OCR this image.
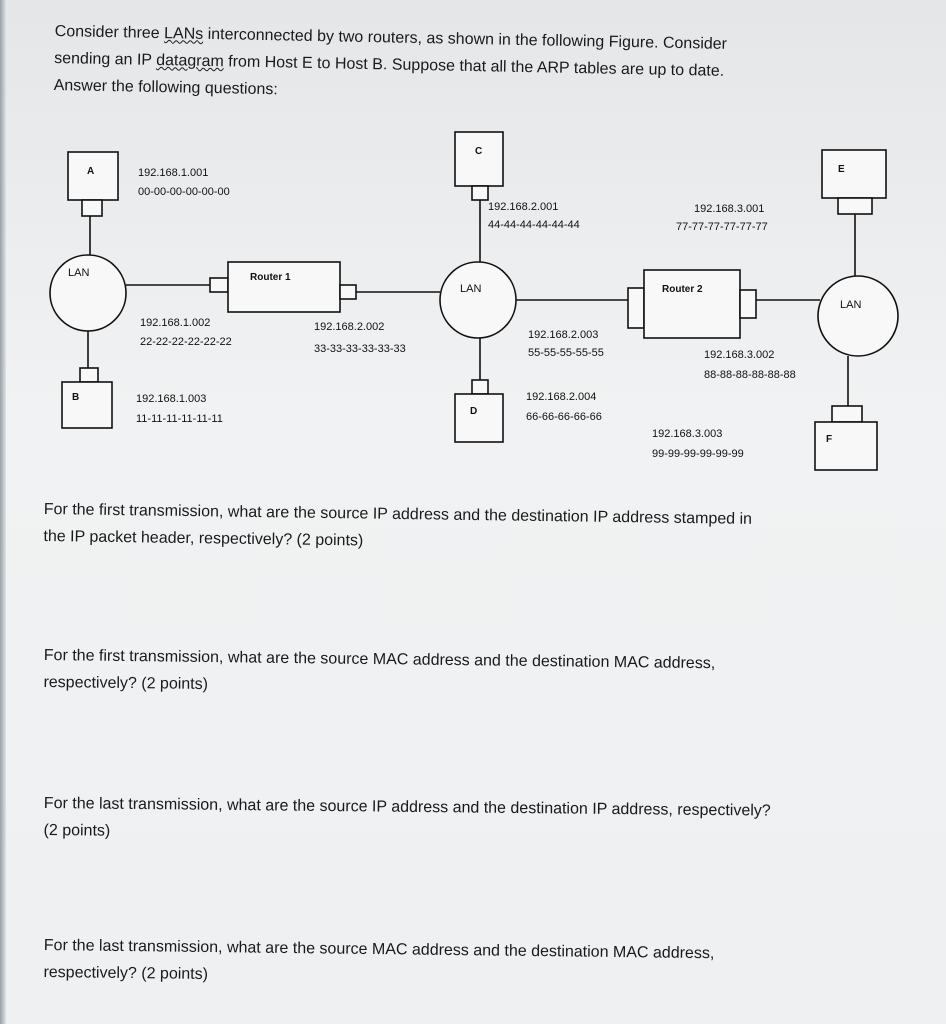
Consider three LANs interconnected by two routers, as shown in the following Figure. Consider

sending an IP datagram from Host E to Host B. Suppose that all the ARP tables are up to date.

Answer the following questions:

A
B
C
D
E
F
Router 1
Router 2
LAN
LAN
LAN
192.168.1.001
00-00-00-00-00-00
192.168.1.003
11-11-11-11-11-11
192.168.2.001
44-44-44-44-44-44
192.168.2.004
66-66-66-66-66
192.168.3.001
77-77-77-77-77-77
192.168.3.003
99-99-99-99-99-99
192.168.1.002
22-22-22-22-22-22
192.168.2.002
33-33-33-33-33-33
192.168.2.003
55-55-55-55-55	192.168.3.002
88-88-88-88-88-88

For the first transmission, what are the source IP address and the destination IP address stamped in

the IP packet header, respectively? (2 points)

For the first transmission, what are the source MAC address and the destination MAC address,

respectively? (2 points)

For the last transmission, what are the source IP address and the destination IP address, respectively?

(2 points)

For the last transmission, what are the source MAC address and the destination MAC address,

respectively? (2 points)
